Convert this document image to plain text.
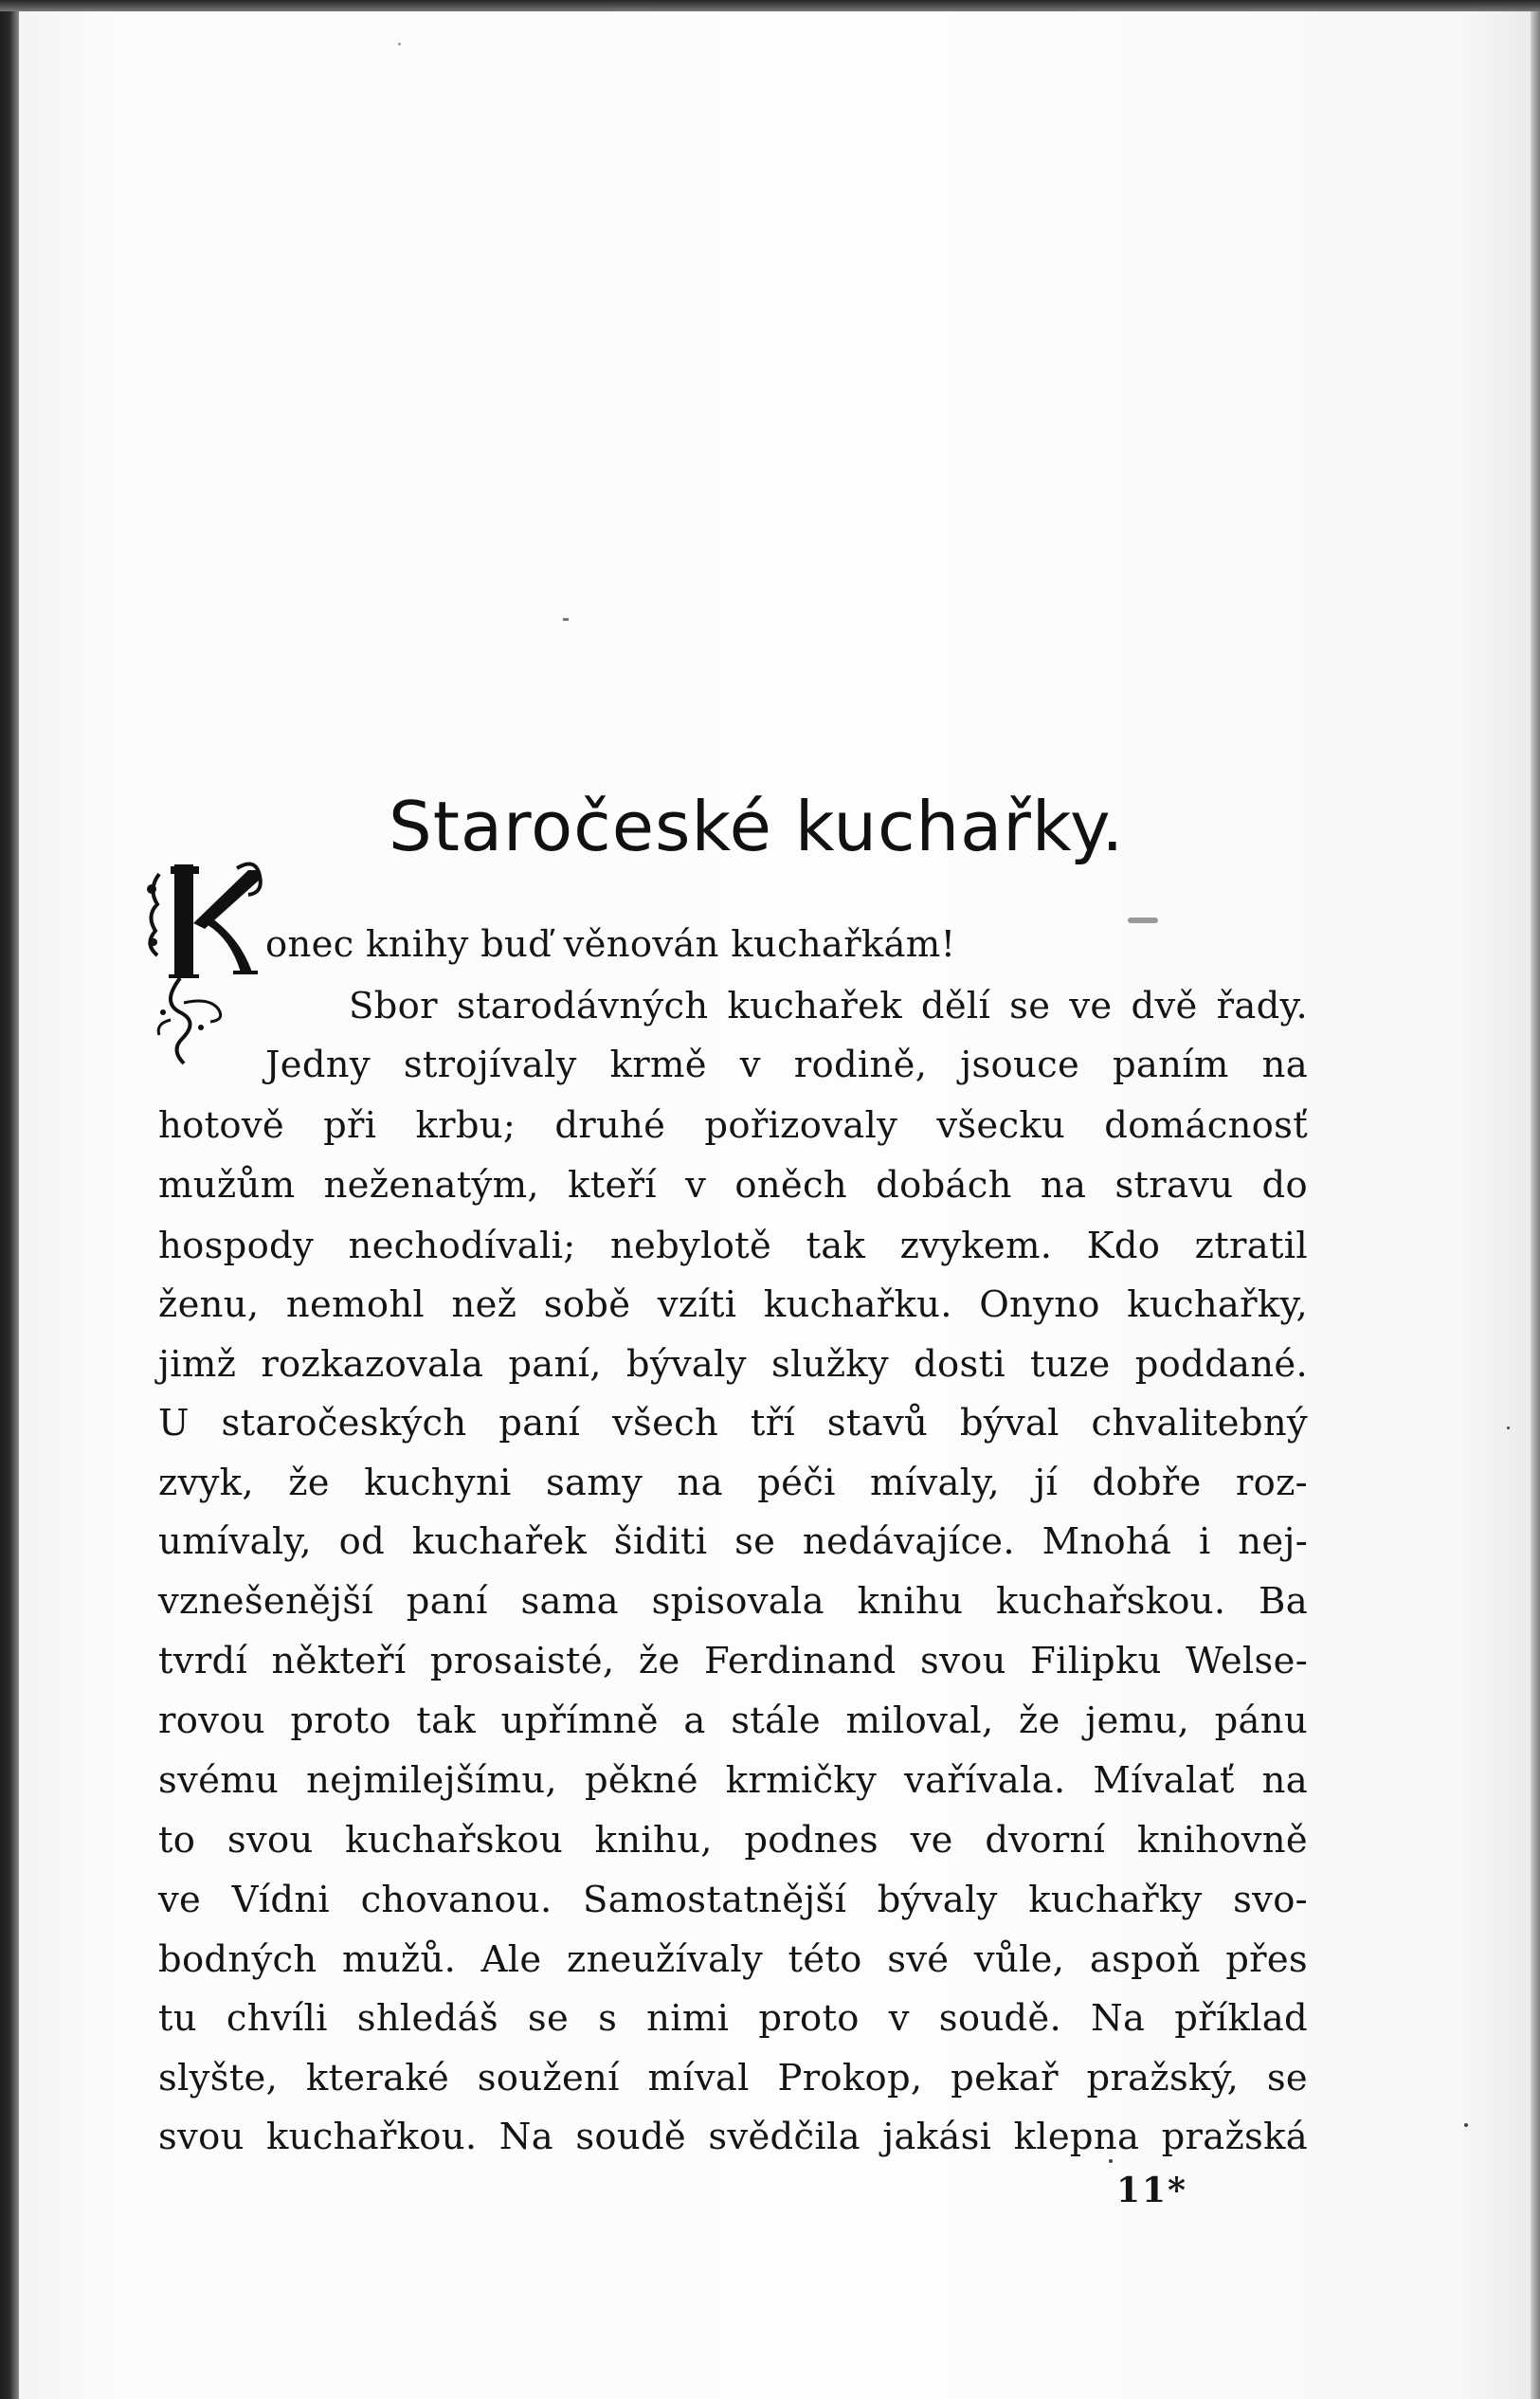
Staročeské kuchařky.
onec knihy buď věnován kuchařkám!
Sbor starodávných kuchařek dělí se ve dvě řady.
Jedny strojívaly krmě v rodině, jsouce paním na
hotově při krbu; druhé pořizovaly všecku domácnosť
mužům neženatým, kteří v oněch dobách na stravu do
hospody nechodívali; nebylotě tak zvykem. Kdo ztratil
ženu, nemohl než sobě vzíti kuchařku. Onyno kuchařky,
jimž rozkazovala paní, bývaly služky dosti tuze poddané.
U staročeských paní všech tří stavů býval chvalitebný
zvyk, že kuchyni samy na péči mívaly, jí dobře roz-
umívaly, od kuchařek šiditi se nedávajíce. Mnohá i nej-
vznešenější paní sama spisovala knihu kuchařskou. Ba
tvrdí někteří prosaisté, že Ferdinand svou Filipku Welse-
rovou proto tak upřímně a stále miloval, že jemu, pánu
svému nejmilejšímu, pěkné krmičky vařívala. Mívalať na
to svou kuchařskou knihu, podnes ve dvorní knihovně
ve Vídni chovanou. Samostatnější bývaly kuchařky svo-
bodných mužů. Ale zneužívaly této své vůle, aspoň přes
tu chvíli shledáš se s nimi proto v soudě. Na příklad
slyšte, kteraké soužení míval Prokop, pekař pražský, se
svou kuchařkou. Na soudě svědčila jakási klepna pražská
11*
